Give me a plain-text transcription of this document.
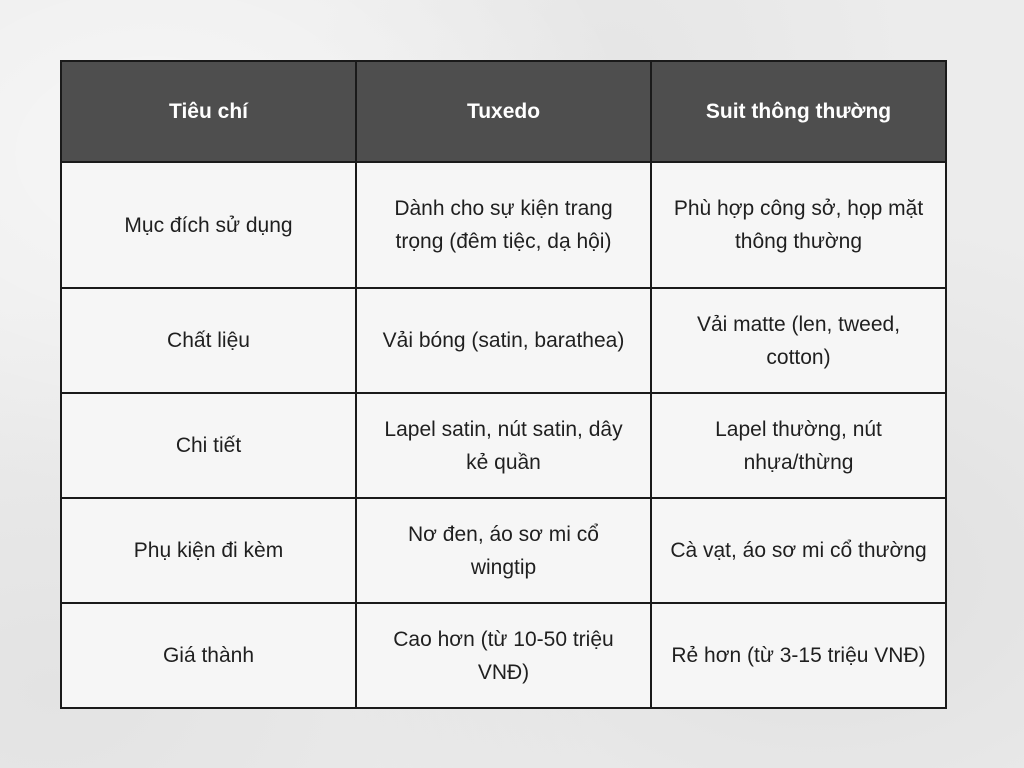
Tiêu chí	Tuxedo	Suit thông thường
Mục đích sử dụng	Dành cho sự kiện trang trọng (đêm tiệc, dạ hội)	Phù hợp công sở, họp mặt thông thường
Chất liệu	Vải bóng (satin, barathea)	Vải matte (len, tweed, cotton)
Chi tiết	Lapel satin, nút satin, dây kẻ quần	Lapel thường, nút nhựa/thừng
Phụ kiện đi kèm	Nơ đen, áo sơ mi cổ wingtip	Cà vạt, áo sơ mi cổ thường
Giá thành	Cao hơn (từ 10-50 triệu VNĐ)	Rẻ hơn (từ 3-15 triệu VNĐ)
